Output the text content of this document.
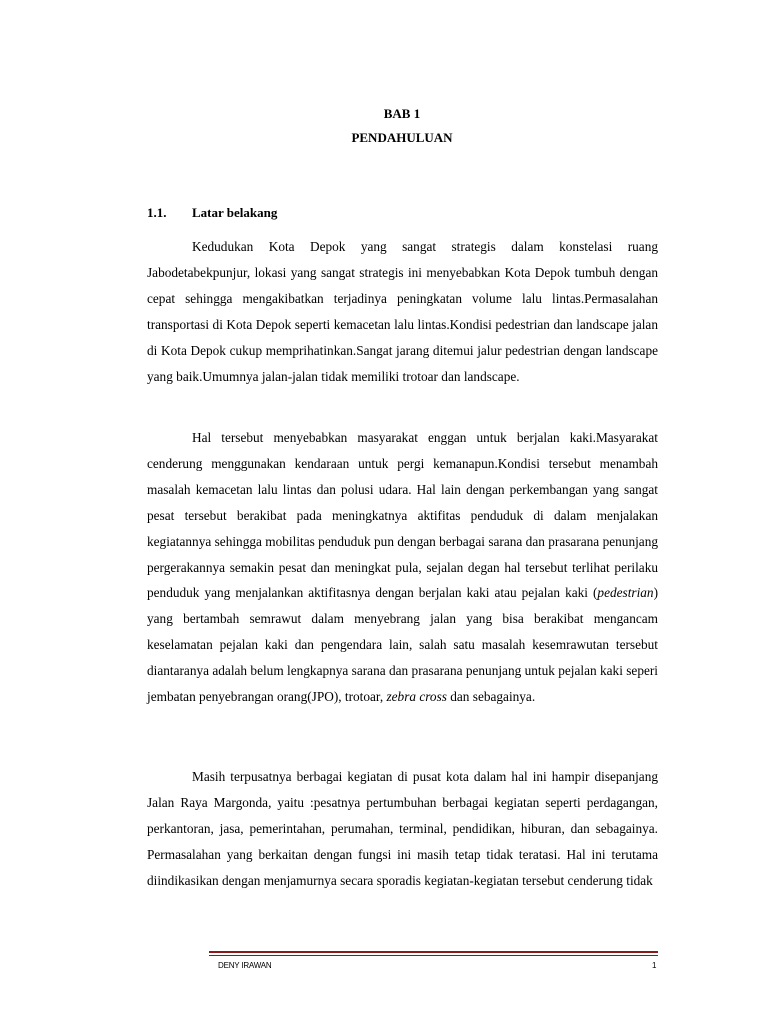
BAB 1
PENDAHULUAN
1.1. Latar belakang

Kedudukan Kota Depok yang sangat strategis dalam konstelasi ruang Jabodetabekpunjur, lokasi yang sangat strategis ini menyebabkan Kota Depok tumbuh dengan cepat sehingga mengakibatkan terjadinya peningkatan volume lalu lintas.Permasalahan transportasi di Kota Depok seperti kemacetan lalu lintas.Kondisi pedestrian dan landscape jalan di Kota Depok cukup memprihatinkan.Sangat jarang ditemui jalur pedestrian dengan landscape yang baik.Umumnya jalan-jalan tidak memiliki trotoar dan landscape.

Hal tersebut menyebabkan masyarakat enggan untuk berjalan kaki.Masyarakat cenderung menggunakan kendaraan untuk pergi kemanapun.Kondisi tersebut menambah masalah kemacetan lalu lintas dan polusi udara. Hal lain dengan perkembangan yang sangat pesat tersebut berakibat pada meningkatnya aktifitas penduduk di dalam menjalakan kegiatannya sehingga mobilitas penduduk pun dengan berbagai sarana dan prasarana penunjang pergerakannya semakin pesat dan meningkat pula, sejalan degan hal tersebut terlihat perilaku penduduk yang menjalankan aktifitasnya dengan berjalan kaki atau pejalan kaki (pedestrian) yang bertambah semrawut dalam menyebrang jalan yang bisa berakibat mengancam keselamatan pejalan kaki dan pengendara lain, salah satu masalah kesemrawutan tersebut diantaranya adalah belum lengkapnya sarana dan prasarana penunjang untuk pejalan kaki seperi jembatan penyebrangan orang(JPO), trotoar, zebra cross dan sebagainya.

Masih terpusatnya berbagai kegiatan di pusat kota dalam hal ini hampir disepanjang Jalan Raya Margonda, yaitu :pesatnya pertumbuhan berbagai kegiatan seperti perdagangan, perkantoran, jasa, pemerintahan, perumahan, terminal, pendidikan, hiburan, dan sebagainya. Permasalahan yang berkaitan dengan fungsi ini masih tetap tidak teratasi. Hal ini terutama diindikasikan dengan menjamurnya secara sporadis kegiatan-kegiatan tersebut cenderung tidak

DENY IRAWAN	1
